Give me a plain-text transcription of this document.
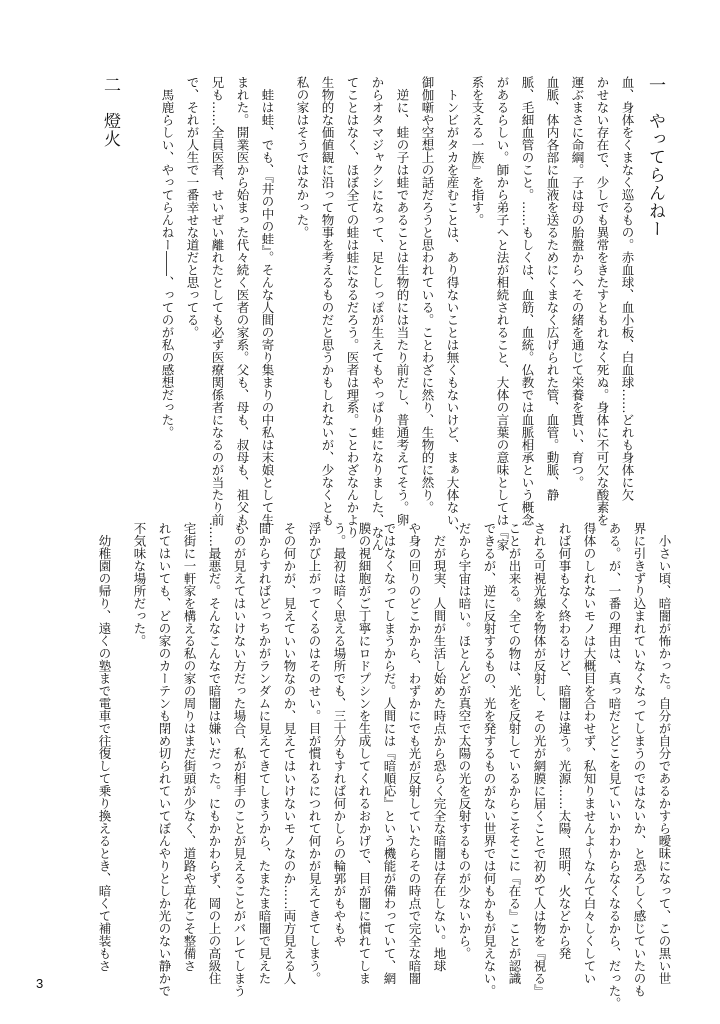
一　やってらんねー
血、身体をくまなく巡るもの。赤血球、血小板、白血球……どれも身体に欠
かせない存在で、少しでも異常をきたすともれなく死ぬ。身体に不可欠な酸素を
運ぶまさに命綱。子は母の胎盤からへその緒を通じて栄養を貰い、育つ。
血脈、体内各部に血液を送るためにくまなく広げられた管、血管。動脈、静
脈、毛細血管のこと。……もしくは、血筋、血統。仏教では血脈相承という概念
があるらしい。師から弟子へと法が相続されること、大体の言葉の意味としては『家
系を支える一族』を指す。
　トンビがタカを産むことは、あり得ないことは無くもないけど、まぁ大体ない、
御伽噺や空想上の話だろうと思われている。ことわざに然り、生物的に然り。
　逆に、蛙の子は蛙であることは生物的には当たり前だし、普通考えてそう。卵
からオタマジャクシになって、足としっぽが生えてもやっぱり蛙になりました、なん
てことはなく、ほぼ全ての蛙は蛙になるだろう。医者は理系。ことわざなんかより
生物的な価値観に沿って物事を考えるものだと思うかもしれないが、少なくとも
私の家はそうではなかった。
　蛙は蛙、でも、『井の中の蛙』。そんな人間の寄り集まりの中私は末娘として生
まれた。開業医から始まった代々続く医者の家系。父も、母も、叔母も、祖父も、
兄も……全員医者、せいぜい離れたとしても必ず医療関係者になるのが当たり前
で、それが人生で一番幸せな道だと思ってる。
　馬鹿らしい、やってらんねー――、ってのが私の感想だった。
二　燈火
　小さい頃、暗闇が怖かった。自分が自分であるかすら曖昧になって、この黒い世
界に引きずり込まれていなくなってしまうのではないか、と恐ろしく感じていたのも
ある。が、一番の理由は、真っ暗だとどこを見ていいかわからなくなるから、だった。
得体のしれないモノは大概目を合わせず、私知りませんよ～なんて白々しくしてい
れば何事もなく終わるけど、暗闇は違う。光源……太陽、照明、火などから発
される可視光線を物体が反射し、その光が網膜に届くことで初めて人は物を『視る』
ことが出来る。全ての物は、光を反射しているからこそそこに『在る』ことが認識
できるが、逆に反射するもの、光を発するものがない世界では何もかもが見えない。
だから宇宙は暗い。ほとんどが真空で太陽の光を反射するものが少ないから。
　だが現実、人間が生活し始めた時点から恐らく完全な暗闇は存在しない。地球
や身の回りのどこかから、わずかにでも光が反射していたらその時点で完全な暗闇
ではなくなってしまうからだ。人間には『暗順応』という機能が備わっていて、網
膜の視細胞がご丁寧にロドプシンを生成してくれるおかげで、目が闇に慣れてしま
う。最初は暗く思える場所でも、三十分もすれば何かしらの輪郭がもやもや
浮かび上がってくるのはそのせい。目が慣れるにつれて何かが見えてきてしまう。
その何かが、見えていい物なのか、見えてはいけないモノなのか……両方見える人
間からすればどっちかがランダムに見えてきてしまうから、たまたま暗闇で見えた
ものが見えてはいけない方だった場合、私が相手のことが見えることがバレてしまう
……最悪だ。そんなこんなで暗闇は嫌いだった。にもかかわらず、岡の上の高級住
宅街に一軒家を構える私の家の周りはまだ街頭が少なく、道路や草花こそ整備さ
れてはいても、どの家のカーテンも閉め切られていてぼんやりとしか光のない静かで
不気味な場所だった。
　幼稚園の帰り、遠くの塾まで電車で往復して乗り換えるとき、暗くて補装もさ
3
